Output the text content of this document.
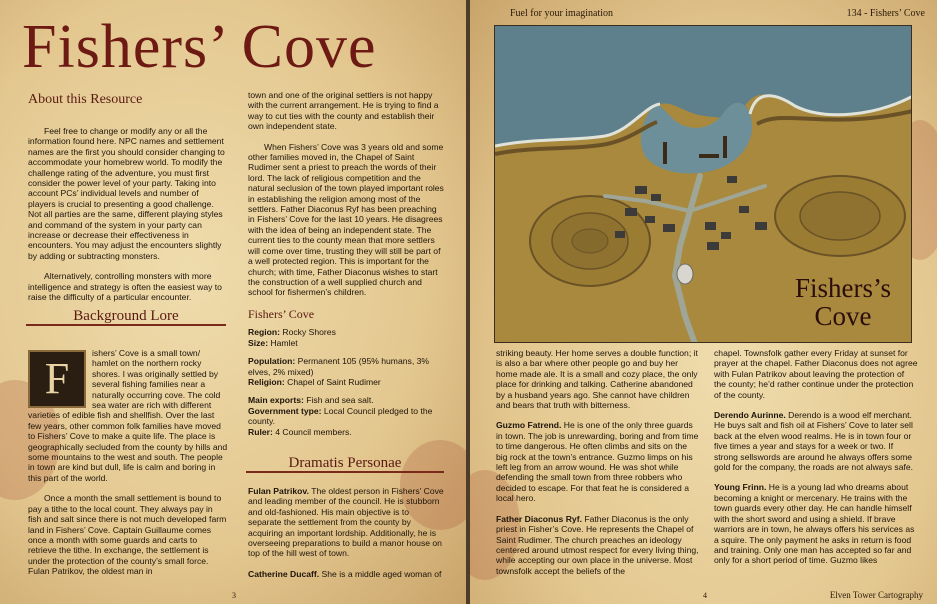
Fishers’ Cove
About this Resource

Feel free to change or modify any or all the information found here. NPC names and settlement names are the first you should consider changing to accommodate your homebrew world. To modify the challenge rating of the adventure, you must first consider the power level of your party. Taking into account PCs’ individual levels and number of players is crucial to presenting a good challenge. Not all parties are the same, different playing styles and command of the system in your party can increase or decrease their effectiveness in encounters. You may adjust the encounters slightly by adding or subtracting monsters.

Alternatively, controlling monsters with more intelligence and strategy is often the easiest way to raise the difficulty of a particular encounter.

Background Lore
F

ishers’ Cove is a small town/ hamlet on the northern rocky shores. I was originally settled by several fishing families near a naturally occurring cove. The cold sea water are rich with different varieties of edible fish and shellfish. Over the last few years, other common folk families have moved to Fishers’ Cove to make a quite life. The place is geographically secluded from the county by hills and some mountains to the west and south. The people in town are kind but dull, life is calm and boring in this part of the world.

Once a month the small settlement is bound to pay a tithe to the local count. They always pay in fish and salt since there is not much developed farm land in Fishers’ Cove. Captain Guillaume comes once a month with some guards and carts to retrieve the tithe. In exchange, the settlement is under the protection of the county’s small force. Fulan Patrikov, the oldest man in

town and one of the original settlers is not happy with the current arrangement. He is trying to find a way to cut ties with the county and establish their own independent state.

When Fishers’ Cove was 3 years old and some other families moved in, the Chapel of Saint Rudimer sent a priest to preach the words of their lord. The lack of religious competition and the natural seclusion of the town played important roles in establishing the religion among most of the settlers. Father Diaconus Ryf has been preaching in Fishers’ Cove for the last 10 years. He disagrees with the idea of being an independent state. The current ties to the county mean that more settlers will come over time, trusting they will still be part of a well protected region. This is important for the church; with time, Father Diaconus wishes to start the construction of a well supplied church and school for fishermen’s children.

Fishers’ Cove
Region: Rocky Shores
Size: Hamlet
Population: Permanent 105 (95% humans, 3% elves, 2% mixed)
Religion: Chapel of Saint Rudimer
Main exports: Fish and sea salt.
Government type: Local Council pledged to the county.
Ruler: 4 Council members.
Dramatis Personae

Fulan Patrikov. The oldest person in Fishers’ Cove and leading member of the council. He is stubborn and old-fashioned. His main objective is to separate the settlement from the county by acquiring an important lordship. Additionally, he is overseeing preparations to build a manor house on top of the hill west of town.

Catherine Ducaff. She is a middle aged woman of

3
Fuel for your imagination	134 - Fishers’ Cove
Fishers’s
Cove

striking beauty. Her home serves a double function; it is also a bar where other people go and buy her home made ale. It is a small and cozy place, the only place for drinking and talking. Catherine abandoned by a husband years ago. She cannot have children and bears that truth with bitterness.

Guzmo Fatrend. He is one of the only three guards in town. The job is unrewarding, boring and from time to time dangerous. He often climbs and sits on the big rock at the town’s entrance. Guzmo limps on his left leg from an arrow wound. He was shot while defending the small town from three robbers who decided to escape. For that feat he is considered a local hero.

Father Diaconus Ryf. Father Diaconus is the only priest in Fisher’s Cove. He represents the Chapel of Saint Rudimer. The church preaches an ideology centered around utmost respect for every living thing, while accepting our own place in the universe. Most townsfolk accept the beliefs of the

chapel. Townsfolk gather every Friday at sunset for prayer at the chapel. Father Diaconus does not agree with Fulan Patrikov about leaving the protection of the county; he’d rather continue under the protection of the county.

Derendo Aurinne. Derendo is a wood elf merchant. He buys salt and fish oil at Fishers’ Cove to later sell back at the elven wood realms. He is in town four or five times a year and stays for a week or two. If strong sellswords are around he always offers some gold for the company, the roads are not always safe.

Young Frinn. He is a young lad who dreams about becoming a knight or mercenary. He trains with the town guards every other day. He can handle himself with the short sword and using a shield. If brave warriors are in town, he always offers his services as a squire. The only payment he asks in return is food and training. Only one man has accepted so far and only for a short period of time. Guzmo likes

4	Elven Tower Cartography
